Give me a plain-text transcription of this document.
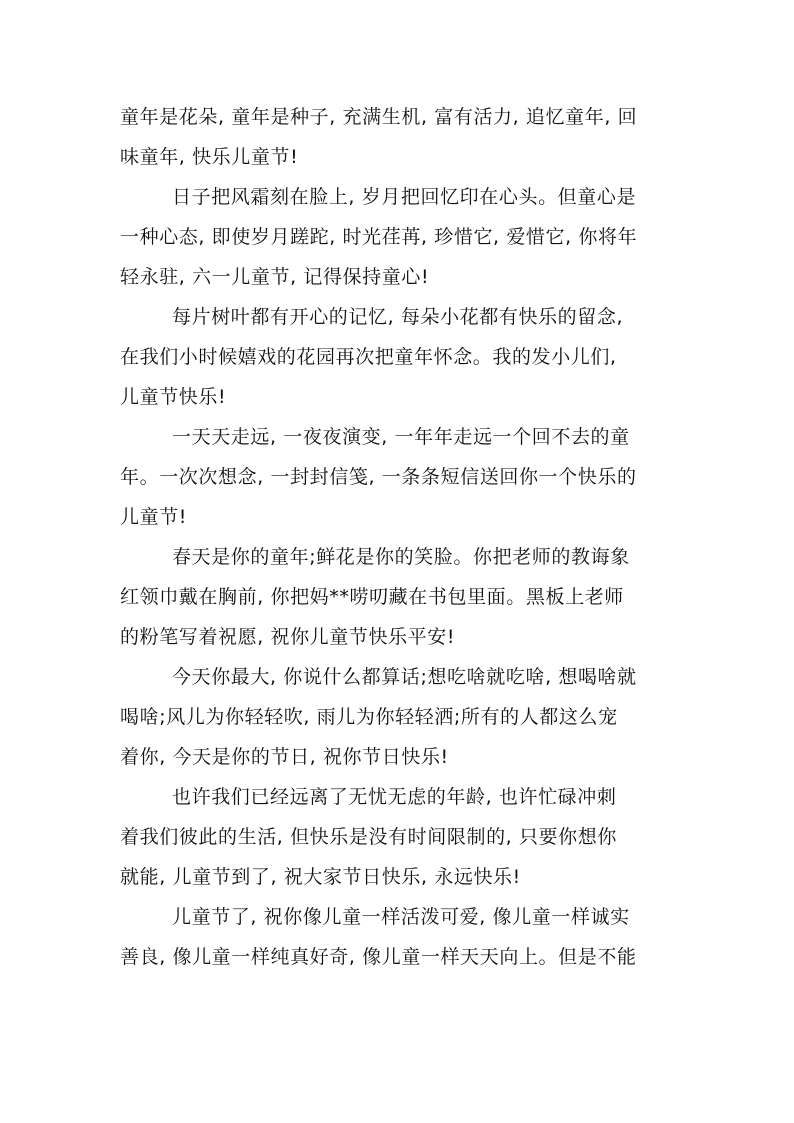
童年是花朵, 童年是种子, 充满生机, 富有活力, 追忆童年, 回
味童年, 快乐儿童节!
日子把风霜刻在脸上, 岁月把回忆印在心头。但童心是
一种心态, 即使岁月蹉跎, 时光荏苒, 珍惜它, 爱惜它, 你将年
轻永驻, 六一儿童节, 记得保持童心!
每片树叶都有开心的记忆, 每朵小花都有快乐的留念,
在我们小时候嬉戏的花园再次把童年怀念。我的发小儿们,
儿童节快乐!
一天天走远, 一夜夜演变, 一年年走远一个回不去的童
年。一次次想念, 一封封信笺, 一条条短信送回你一个快乐的
儿童节!
春天是你的童年;鲜花是你的笑脸。你把老师的教诲象
红领巾戴在胸前, 你把妈**唠叨藏在书包里面。黑板上老师
的粉笔写着祝愿, 祝你儿童节快乐平安!
今天你最大, 你说什么都算话;想吃啥就吃啥, 想喝啥就
喝啥;风儿为你轻轻吹, 雨儿为你轻轻洒;所有的人都这么宠
着你, 今天是你的节日, 祝你节日快乐!
也许我们已经远离了无忧无虑的年龄, 也许忙碌冲刺
着我们彼此的生活, 但快乐是没有时间限制的, 只要你想你
就能, 儿童节到了, 祝大家节日快乐, 永远快乐!
儿童节了, 祝你像儿童一样活泼可爱, 像儿童一样诚实
善良, 像儿童一样纯真好奇, 像儿童一样天天向上。但是不能
